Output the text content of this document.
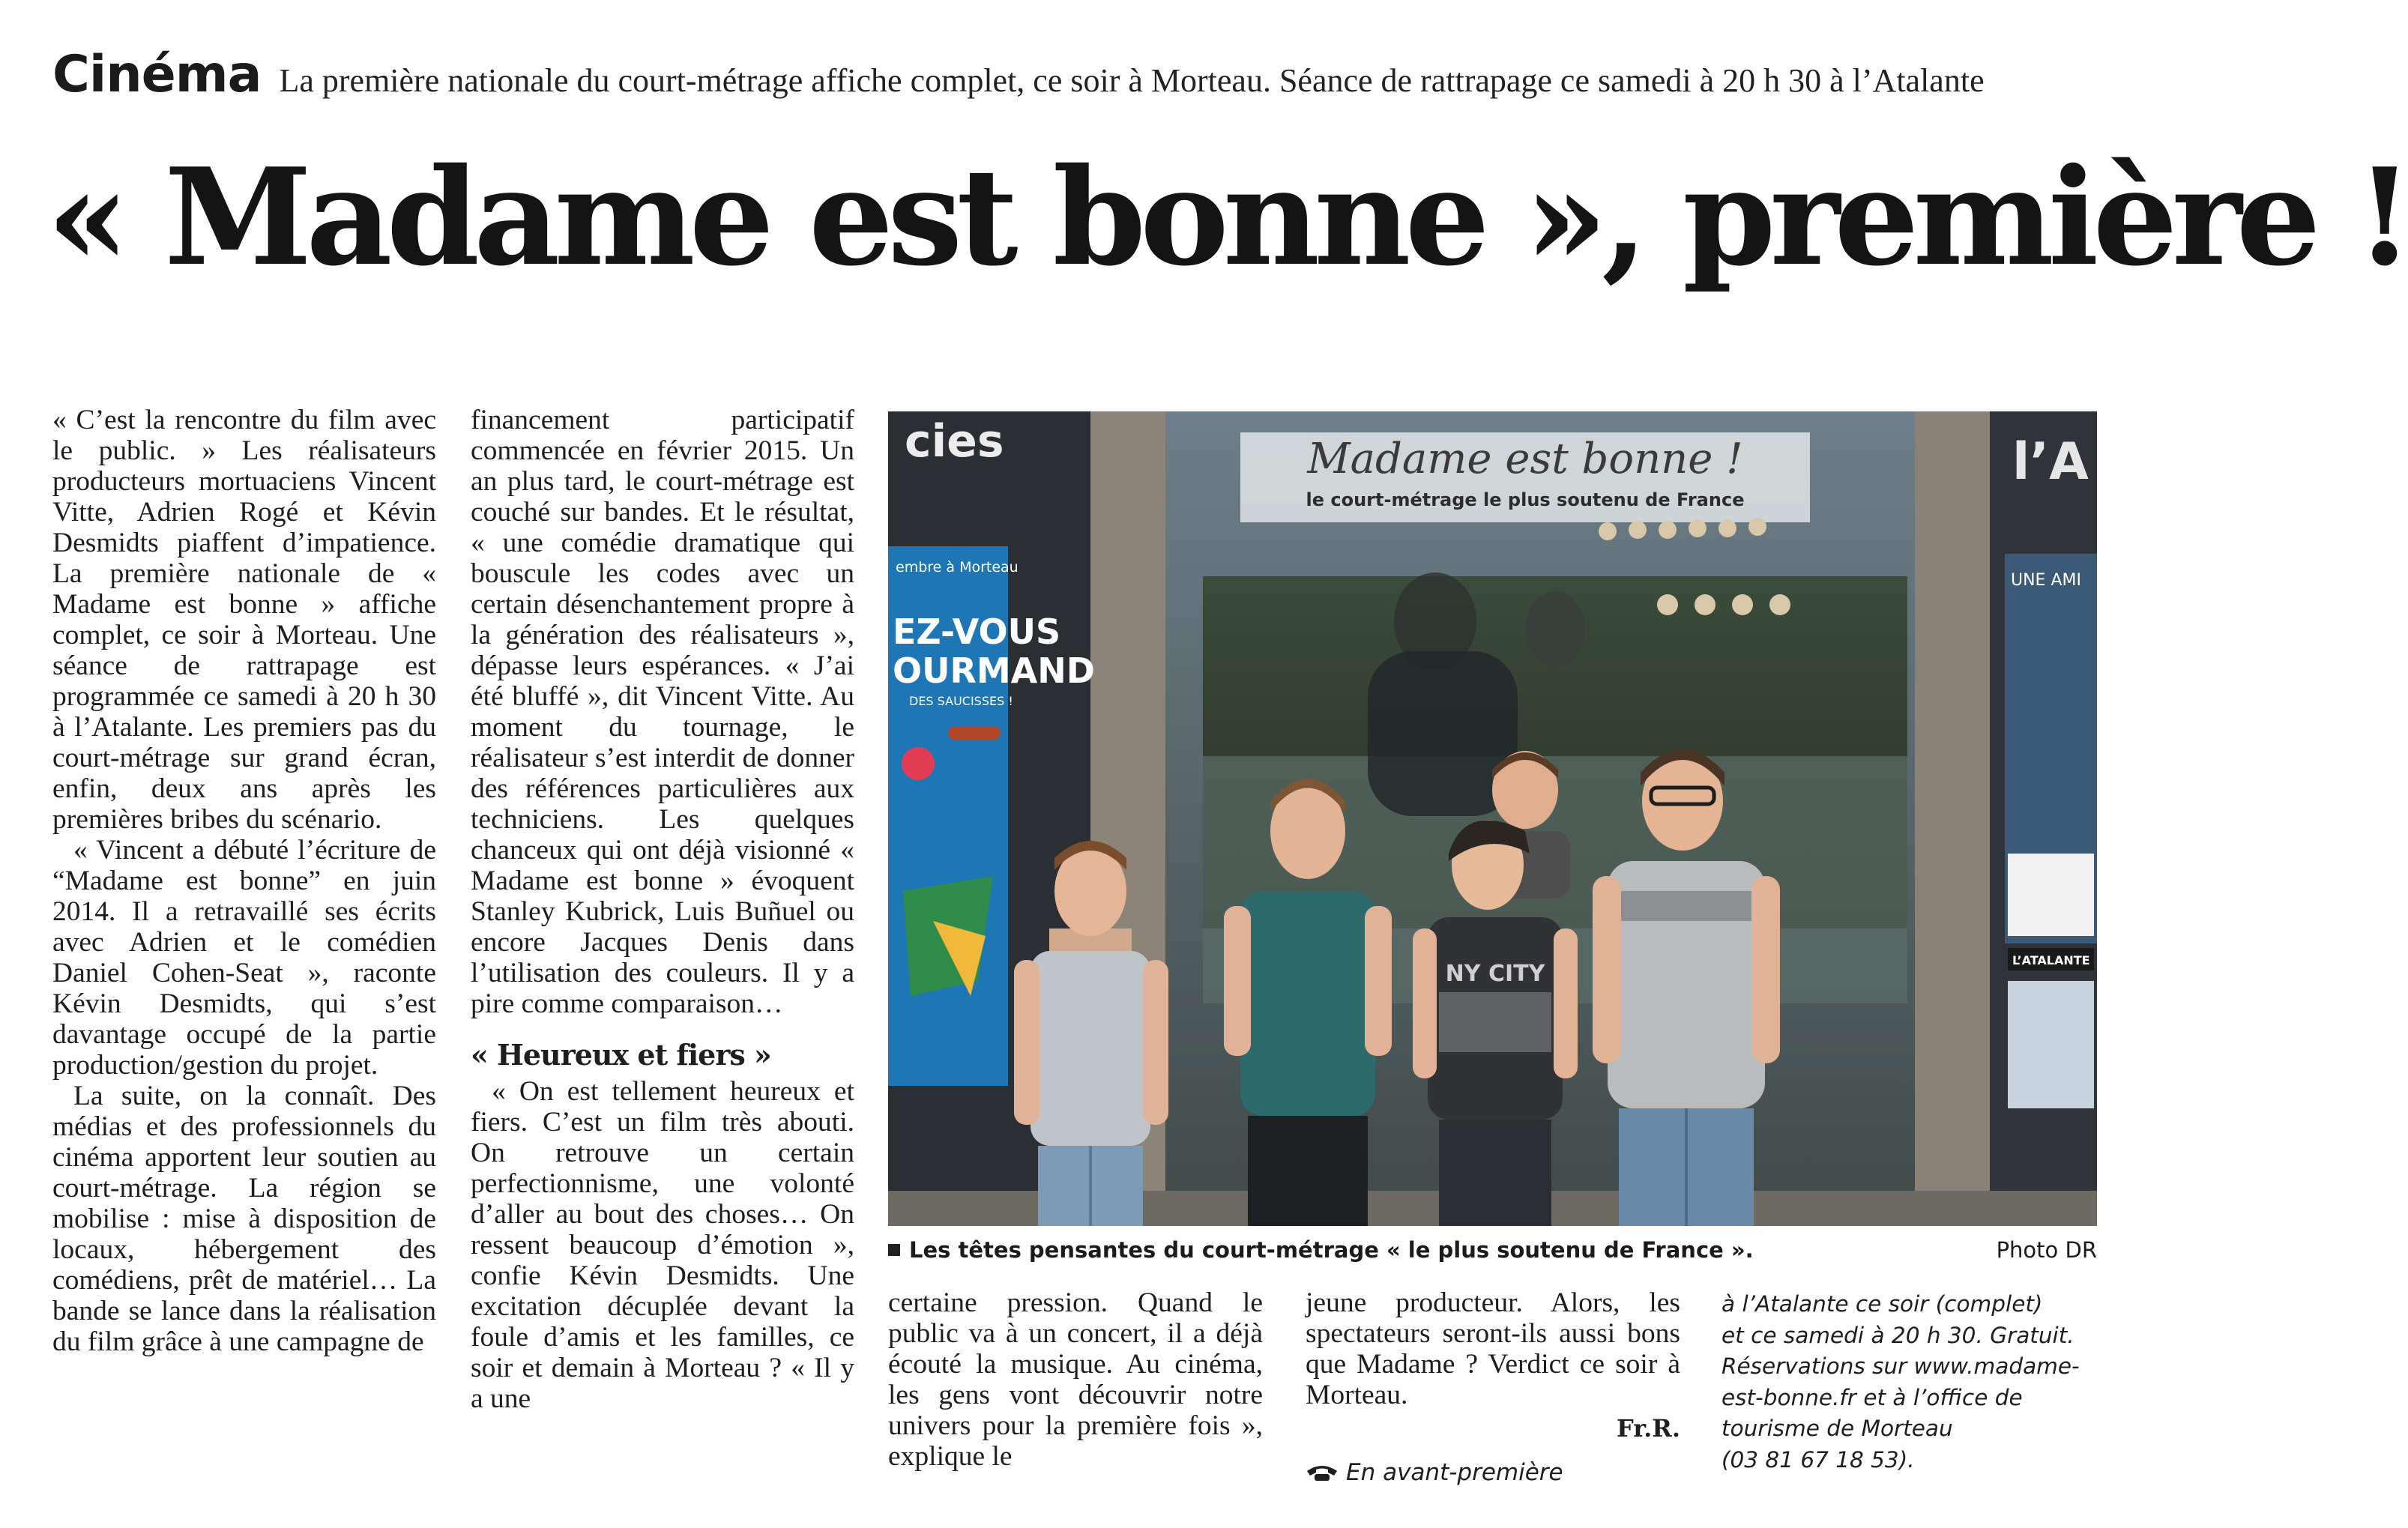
Cinéma La première nationale du court-métrage affiche complet, ce soir à Morteau. Séance de rattrapage ce samedi à 20 h 30 à l’Atalante
« Madame est bonne », première !

« C’est la rencontre du film avec le public. » Les réalisateurs producteurs mortuaciens Vincent Vitte, Adrien Rogé et Kévin Desmidts piaffent d’impatience. La première nationale de « Madame est bonne » affiche complet, ce soir à Morteau. Une séance de rattrapage est programmée ce samedi à 20 h 30 à l’Atalante. Les premiers pas du court-métrage sur grand écran, enfin, deux ans après les premières bribes du scénario.

« Vincent a débuté l’écriture de “Madame est bonne” en juin 2014. Il a retravaillé ses écrits avec Adrien et le comédien Daniel Cohen-Seat », raconte Kévin Desmidts, qui s’est davantage occupé de la partie production/gestion du projet.

La suite, on la connaît. Des médias et des professionnels du cinéma apportent leur soutien au court-métrage. La région se mobilise : mise à disposition de locaux, hébergement des comédiens, prêt de matériel… La bande se lance dans la réalisation du film grâce à une campagne de

financement participatif commencée en février 2015. Un an plus tard, le court-métrage est couché sur bandes. Et le résultat, « une comédie dramatique qui bouscule les codes avec un certain désenchantement propre à la génération des réalisateurs », dépasse leurs espérances. « J’ai été bluffé », dit Vincent Vitte. Au moment du tournage, le réalisateur s’est interdit de donner des références particulières aux techniciens. Les quelques chanceux qui ont déjà visionné « Madame est bonne » évoquent Stanley Kubrick, Luis Buñuel ou encore Jacques Denis dans l’utilisation des couleurs. Il y a pire comme comparaison…

« Heureux et fiers »

« On est tellement heureux et fiers. C’est un film très abouti. On retrouve un certain perfectionnisme, une volonté d’aller au bout des choses… On ressent beaucoup d’émotion », confie Kévin Desmidts. Une excitation décuplée devant la foule d’amis et les familles, ce soir et demain à Morteau ? « Il y a une

Madame est bonne !
le court-métrage le plus soutenu de France
cies
embre à Morteau
EZ-VOUS
OURMAND
DES SAUCISSES !
l’A
UNE AMI
L’ATALANTE
NY CITY
Les têtes pensantes du court-métrage « le plus soutenu de France ».	Photo DR

certaine pression. Quand le public va à un concert, il a déjà écouté la musique. Au cinéma, les gens vont découvrir notre univers pour la première fois », explique le

jeune producteur. Alors, les spectateurs seront-ils aussi bons que Madame ? Verdict ce soir à Morteau.

Fr.R.
En avant-première

à l’Atalante ce soir (complet)

et ce samedi à 20 h 30. Gratuit.

Réservations sur www.madame-

est-bonne.fr et à l’office de

tourisme de Morteau

(03 81 67 18 53).
